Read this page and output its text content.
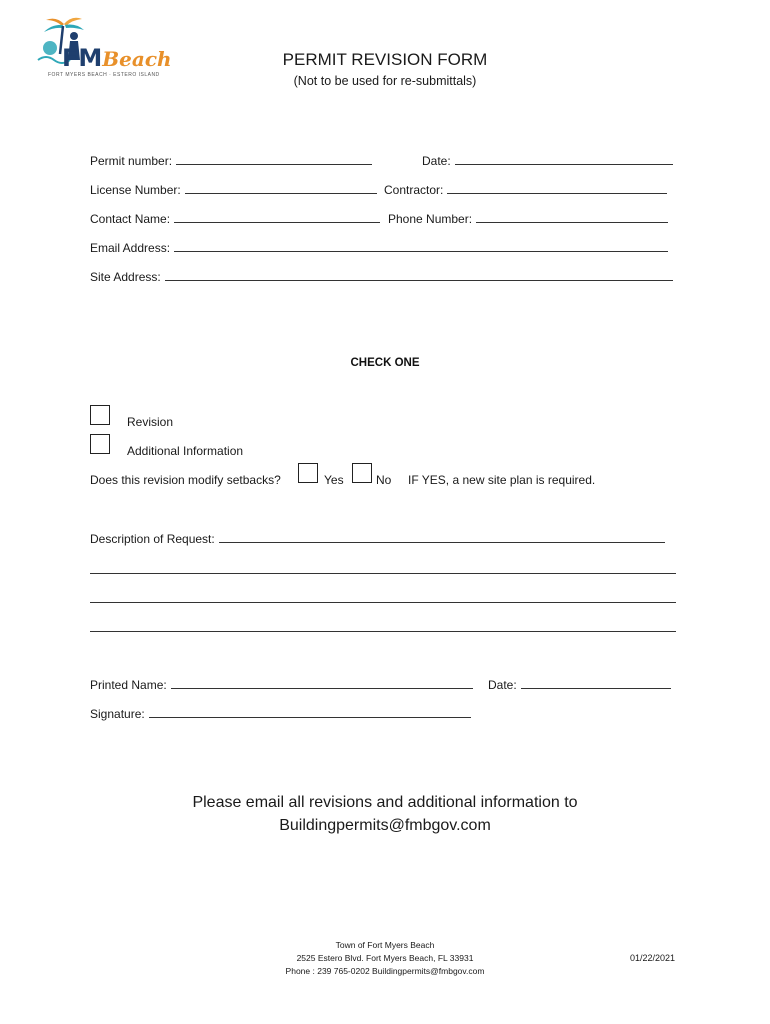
FMBeach
FORT MYERS BEACH · ESTERO ISLAND
PERMIT REVISION FORM
(Not to be used for re-submittals)
Permit number:	Date:
License Number:	Contractor:
Contact Name:	Phone Number:
Email Address:
Site Address:
CHECK ONE
Revision
Additional Information
Does this revision modify setbacks?	Yes	No IF YES, a new site plan is required.
Description of Request:
Printed Name:	Date:
Signature:
Please email all revisions and additional information to
Buildingpermits@fmbgov.com
Town of Fort Myers Beach
2525 Estero Blvd. Fort Myers Beach, FL 33931
Phone : 239 765-0202 Buildingpermits@fmbgov.com
01/22/2021
